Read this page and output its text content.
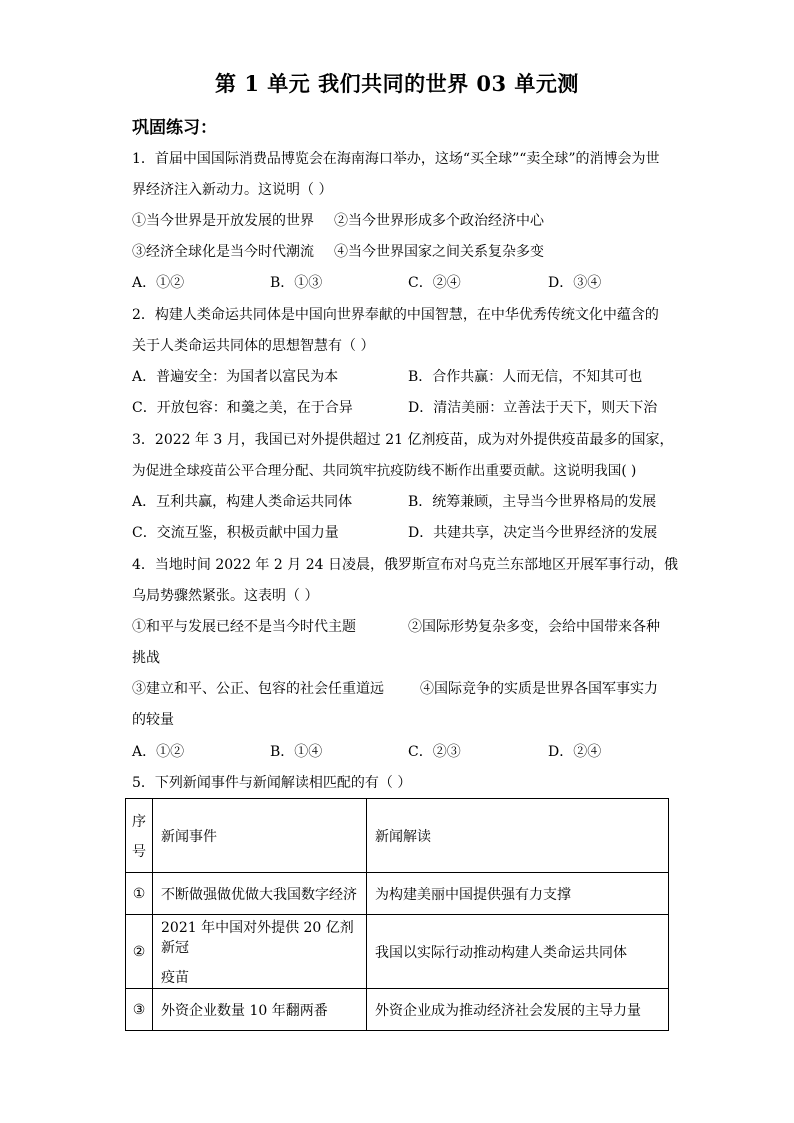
第 1 单元 我们共同的世界 03 单元测
巩固练习：
1．首届中国国际消费品博览会在海南海口举办，这场“买全球”“卖全球”的消博会为世
界经济注入新动力。这说明（ ）
①当今世界是开放发展的世界 ②当今世界形成多个政治经济中心
③经济全球化是当今时代潮流 ④当今世界国家之间关系复杂多变
A．①②	B．①③	C．②④	D．③④
2．构建人类命运共同体是中国向世界奉献的中国智慧，在中华优秀传统文化中蕴含的
关于人类命运共同体的思想智慧有（ ）
A．普遍安全：为国者以富民为本	B．合作共赢：人而无信，不知其可也
C．开放包容：和羹之美，在于合异	D．清洁美丽：立善法于天下，则天下治
3．2022 年 3 月，我国已对外提供超过 21 亿剂疫苗，成为对外提供疫苗最多的国家，
为促进全球疫苗公平合理分配、共同筑牢抗疫防线不断作出重要贡献。这说明我国( )
A．互利共赢，构建人类命运共同体	B．统筹兼顾，主导当今世界格局的发展
C．交流互鉴，积极贡献中国力量	D．共建共享，决定当今世界经济的发展
4．当地时间 2022 年 2 月 24 日凌晨，俄罗斯宣布对乌克兰东部地区开展军事行动，俄
乌局势骤然紧张。这表明（ ）
①和平与发展已经不是当今时代主题	②国际形势复杂多变，会给中国带来各种
挑战
③建立和平、公正、包容的社会任重道远	④国际竞争的实质是世界各国军事实力
的较量
A．①②	B．①④	C．②③	D．②④
5．下列新闻事件与新闻解读相匹配的有（ ）
序
号	新闻事件	新闻解读
①	不断做强做优做大我国数字经济	为构建美丽中国提供强有力支撑
②	2021 年中国对外提供 20 亿剂新冠
疫苗	我国以实际行动推动构建人类命运共同体
③	外资企业数量 10 年翻两番	外资企业成为推动经济社会发展的主导力量
